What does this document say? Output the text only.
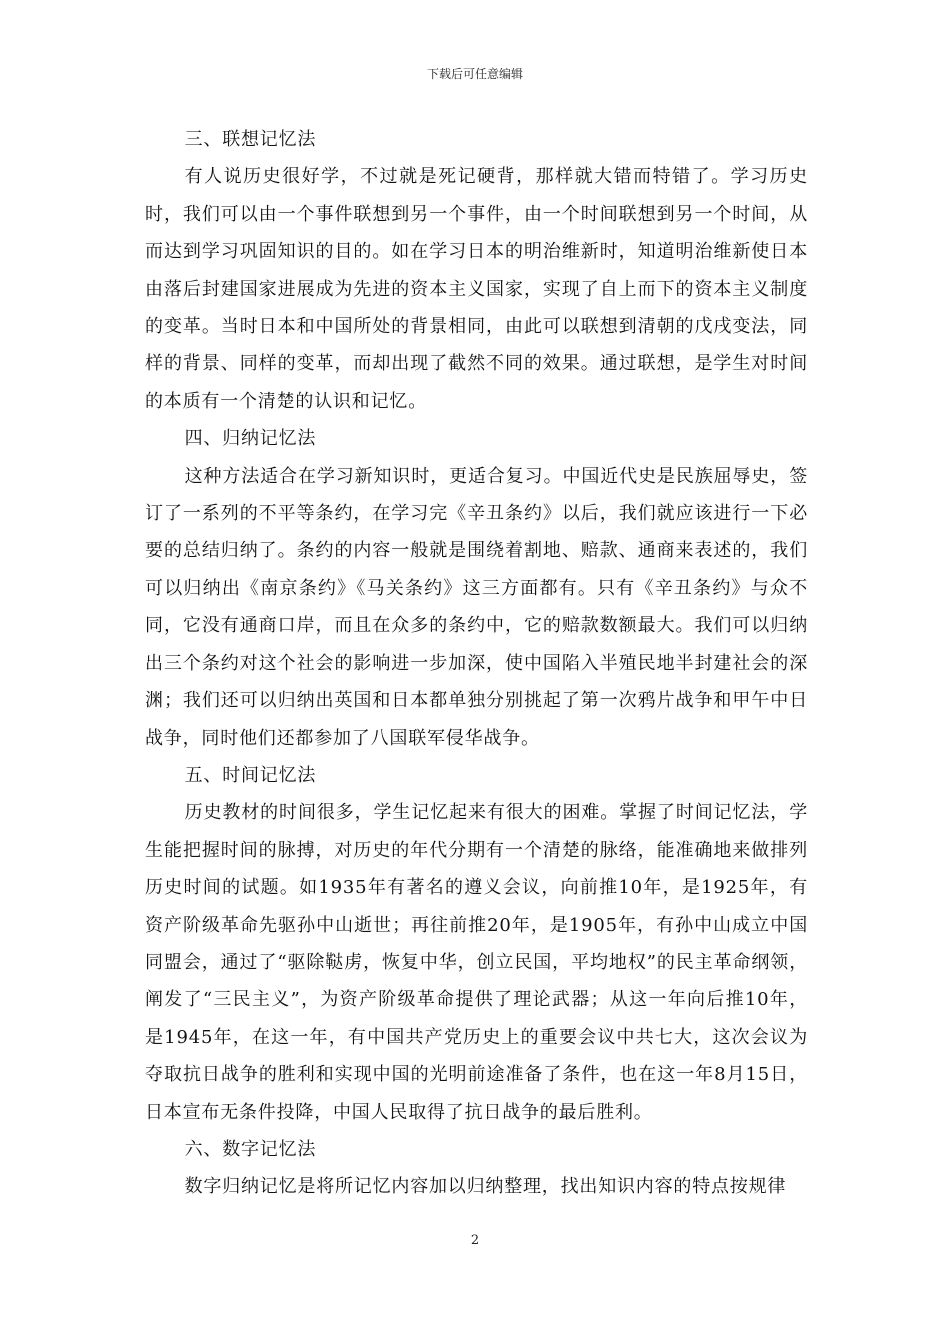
下载后可任意编辑

三、联想记忆法

有人说历史很好学，不过就是死记硬背，那样就大错而特错了。学习历史时，我们可以由一个事件联想到另一个事件，由一个时间联想到另一个时间，从而达到学习巩固知识的目的。如在学习日本的明治维新时，知道明治维新使日本由落后封建国家进展成为先进的资本主义国家，实现了自上而下的资本主义制度的变革。当时日本和中国所处的背景相同，由此可以联想到清朝的戊戌变法，同样的背景、同样的变革，而却出现了截然不同的效果。通过联想，是学生对时间的本质有一个清楚的认识和记忆。

四、归纳记忆法

这种方法适合在学习新知识时，更适合复习。中国近代史是民族屈辱史，签订了一系列的不平等条约，在学习完《辛丑条约》以后，我们就应该进行一下必要的总结归纳了。条约的内容一般就是围绕着割地、赔款、通商来表述的，我们可以归纳出《南京条约》《马关条约》这三方面都有。只有《辛丑条约》与众不同，它没有通商口岸，而且在众多的条约中，它的赔款数额最大。我们可以归纳出三个条约对这个社会的影响进一步加深，使中国陷入半殖民地半封建社会的深渊；我们还可以归纳出英国和日本都单独分别挑起了第一次鸦片战争和甲午中日战争，同时他们还都参加了八国联军侵华战争。

五、时间记忆法

历史教材的时间很多，学生记忆起来有很大的困难。掌握了时间记忆法，学生能把握时间的脉搏，对历史的年代分期有一个清楚的脉络，能准确地来做排列历史时间的试题。如1935年有著名的遵义会议，向前推10年，是1925年，有资产阶级革命先驱孙中山逝世；再往前推20年，是1905年，有孙中山成立中国同盟会，通过了“驱除鞑虏，恢复中华，创立民国，平均地权”的民主革命纲领，阐发了“三民主义”，为资产阶级革命提供了理论武器；从这一年向后推10年，是1945年，在这一年，有中国共产党历史上的重要会议中共七大，这次会议为夺取抗日战争的胜利和实现中国的光明前途准备了条件，也在这一年8月15日，日本宣布无条件投降，中国人民取得了抗日战争的最后胜利。

六、数字记忆法

数字归纳记忆是将所记忆内容加以归纳整理，找出知识内容的特点按规律

2
